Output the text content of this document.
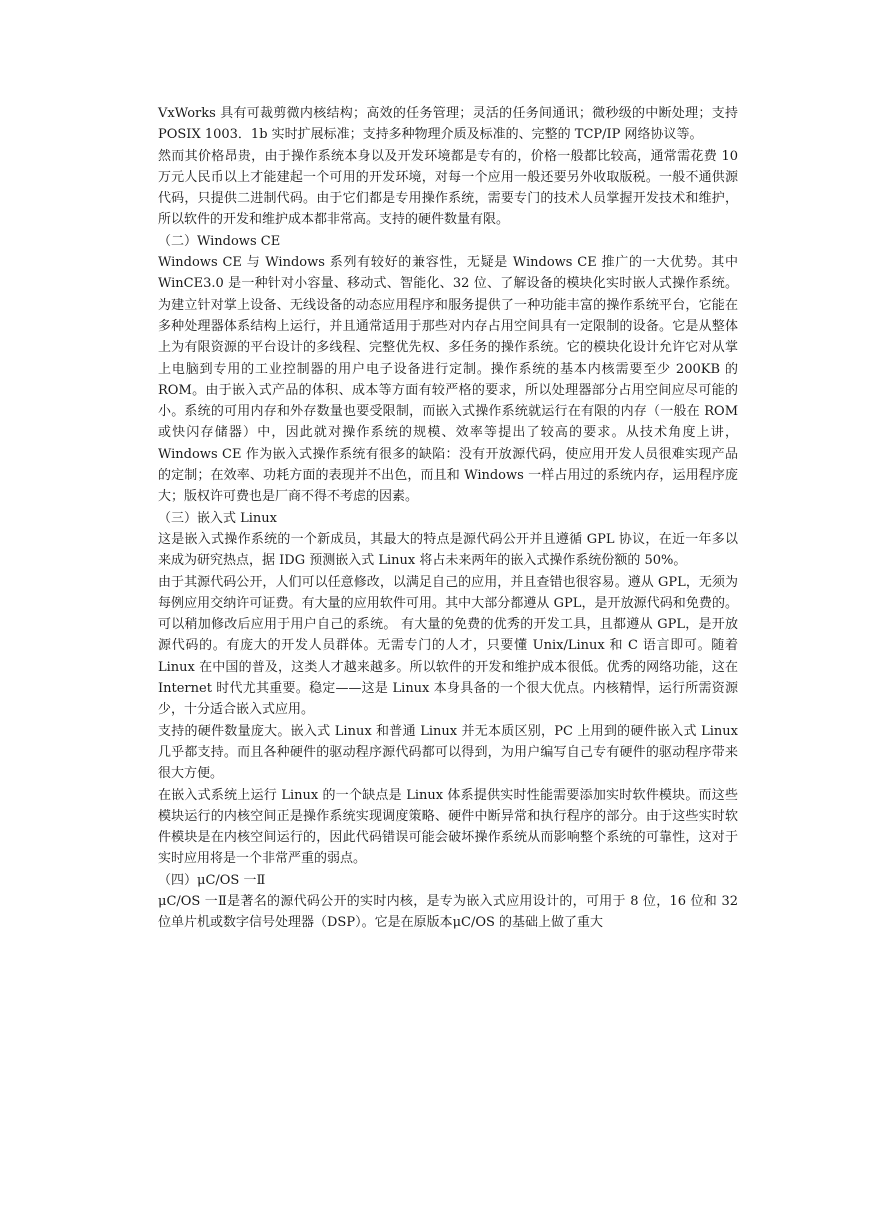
VxWorks 具有可裁剪微内核结构；高效的任务管理；灵活的任务间通讯；微秒级的中断处理；支持 POSIX 1003．1b 实时扩展标准；支持多种物理介质及标准的、完整的 TCP/IP 网络协议等。

然而其价格昂贵，由于操作系统本身以及开发环境都是专有的，价格一般都比较高，通常需花费 10 万元人民币以上才能建起一个可用的开发环境，对每一个应用一般还要另外收取版税。一般不通供源代码，只提供二进制代码。由于它们都是专用操作系统，需要专门的技术人员掌握开发技术和维护，所以软件的开发和维护成本都非常高。支持的硬件数量有限。

（二）Windows CE

Windows CE 与 Windows 系列有较好的兼容性，无疑是 Windows CE 推广的一大优势。其中 WinCE3.0 是一种针对小容量、移动式、智能化、32 位、了解设备的模块化实时嵌人式操作系统。为建立针对掌上设备、无线设备的动态应用程序和服务提供了一种功能丰富的操作系统平台，它能在多种处理器体系结构上运行，并且通常适用于那些对内存占用空间具有一定限制的设备。它是从整体上为有限资源的平台设计的多线程、完整优先权、多任务的操作系统。它的模块化设计允许它对从掌上电脑到专用的工业控制器的用户电子设备进行定制。操作系统的基本内核需要至少 200KB 的 ROM。由于嵌入式产品的体积、成本等方面有较严格的要求，所以处理器部分占用空间应尽可能的小。系统的可用内存和外存数量也要受限制，而嵌入式操作系统就运行在有限的内存（一般在 ROM 或快闪存储器）中，因此就对操作系统的规模、效率等提出了较高的要求。从技术角度上讲，Windows CE 作为嵌入式操作系统有很多的缺陷：没有开放源代码，使应用开发人员很难实现产品的定制；在效率、功耗方面的表现并不出色，而且和 Windows 一样占用过的系统内存，运用程序庞大；版权许可费也是厂商不得不考虑的因素。

（三）嵌入式 Linux

这是嵌入式操作系统的一个新成员，其最大的特点是源代码公开并且遵循 GPL 协议，在近一年多以来成为研究热点，据 IDG 预测嵌入式 Linux 将占未来两年的嵌入式操作系统份额的 50%。

由于其源代码公开，人们可以任意修改，以满足自己的应用，并且查错也很容易。遵从 GPL，无须为每例应用交纳许可证费。有大量的应用软件可用。其中大部分都遵从 GPL，是开放源代码和免费的。可以稍加修改后应用于用户自己的系统。 有大量的免费的优秀的开发工具，且都遵从 GPL，是开放源代码的。有庞大的开发人员群体。无需专门的人才，只要懂 Unix/Linux 和 C 语言即可。随着 Linux 在中国的普及，这类人才越来越多。所以软件的开发和维护成本很低。优秀的网络功能，这在 Internet 时代尤其重要。稳定——这是 Linux 本身具备的一个很大优点。内核精悍，运行所需资源少，十分适合嵌入式应用。

支持的硬件数量庞大。嵌入式 Linux 和普通 Linux 并无本质区别，PC 上用到的硬件嵌入式 Linux 几乎都支持。而且各种硬件的驱动程序源代码都可以得到，为用户编写自己专有硬件的驱动程序带来很大方便。

在嵌入式系统上运行 Linux 的一个缺点是 Linux 体系提供实时性能需要添加实时软件模块。而这些模块运行的内核空间正是操作系统实现调度策略、硬件中断异常和执行程序的部分。由于这些实时软件模块是在内核空间运行的，因此代码错误可能会破坏操作系统从而影响整个系统的可靠性，这对于实时应用将是一个非常严重的弱点。

（四）μC/OS 一Ⅱ

μC/OS 一Ⅱ是著名的源代码公开的实时内核，是专为嵌入式应用设计的，可用于 8 位，16 位和 32 位单片机或数字信号处理器（DSP）。它是在原版本μC/OS 的基础上做了重大
